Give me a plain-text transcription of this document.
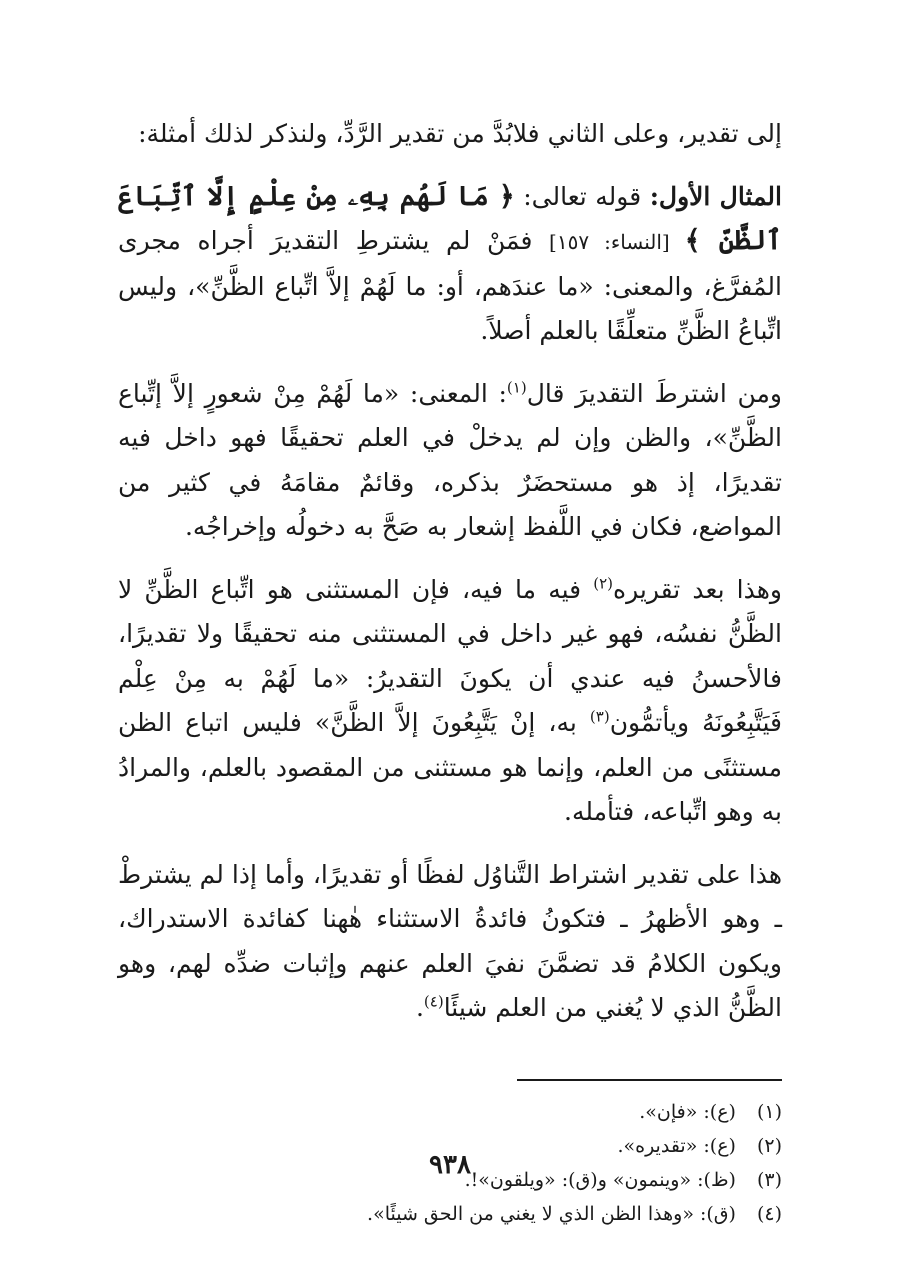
إلى تقدير، وعلى الثاني فلابُدَّ من تقدير الرَّدِّ، ولنذكر لذلك أمثلة:

المثال الأول: قوله تعالى: ﴿ مَا لَهُم بِهِۦ مِنْ عِلْمٍ إِلَّا ٱتِّبَاعَ ٱلظَّنِّ ﴾ [النساء: ١٥٧] فمَنْ لم يشترطِ التقديرَ أجراه مجرى المُفرَّغ، والمعنى: «ما عندَهم، أو: ما لَهُمْ إلاَّ اتِّباع الظَّنِّ»، وليس اتِّباعُ الظَّنِّ متعلِّقًا بالعلم أصلاً.

ومن اشترطَ التقديرَ قال$^{(١)}$: المعنى: «ما لَهُمْ مِنْ شعورٍ إلاَّ إتِّباع الظَّنِّ»، والظن وإن لم يدخلْ في العلم تحقيقًا فهو داخل فيه تقديرًا، إذ هو مستحضَرٌ بذكره، وقائمٌ مقامَهُ في كثير من المواضع، فكان في اللَّفظ إشعار به صَحَّ به دخولُه وإخراجُه.

وهذا بعد تقريره$^{(٢)}$ فيه ما فيه، فإن المستثنى هو اتِّباع الظَّنِّ لا الظَّنُّ نفسُه، فهو غير داخل في المستثنى منه تحقيقًا ولا تقديرًا، فالأحسنُ فيه عندي أن يكونَ التقديرُ: «ما لَهُمْ به مِنْ عِلْم فَيَتَّبِعُونَهُ ويأتمُّون$^{(٣)}$ به، إنْ يَتَّبِعُونَ إلاَّ الظَّنَّ» فليس اتباع الظن مستثنًى من العلم، وإنما هو مستثنى من المقصود بالعلم، والمرادُ به وهو اتِّباعه، فتأمله.

هذا على تقدير اشتراط التَّناوُل لفظًا أو تقديرًا، وأما إذا لم يشترطْ ـ وهو الأظهرُ ـ فتكونُ فائدةُ الاستثناء هٰهنا كفائدة الاستدراك، ويكون الكلامُ قد تضمَّنَ نفيَ العلم عنهم وإثبات ضدِّه لهم، وهو الظَّنُّ الذي لا يُغني من العلم شيئًا$^{(٤)}$.

(١) (ع): «فإن».
(٢) (ع): «تقديره».
(٣) (ظ): «وينمون» و(ق): «ويلقون»!.
(٤) (ق): «وهذا الظن الذي لا يغني من الحق شيئًا».
٩٣٨
